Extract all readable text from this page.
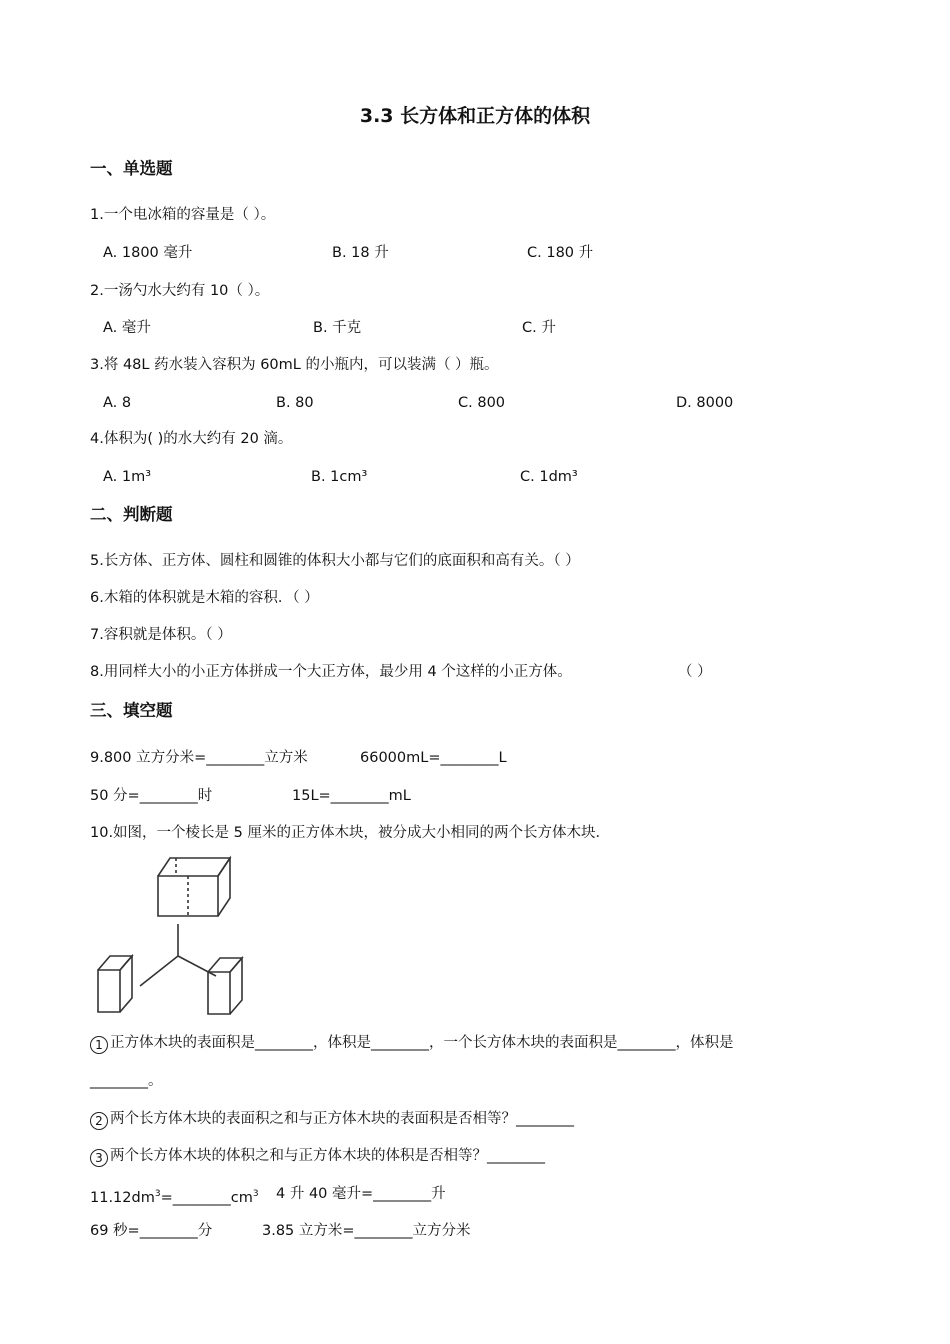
3.3 长方体和正方体的体积
一、单选题
1.一个电冰箱的容量是（ ）。
A. 1800 毫升	B. 18 升	C. 180 升
2.一汤勺水大约有 10（ ）。
A. 毫升	B. 千克	C. 升
3.将 48L 药水装入容积为 60mL 的小瓶内，可以装满（ ）瓶。
A. 8	B. 80	C. 800	D. 8000
4.体积为( )的水大约有 20 滴。
A. 1m³	B. 1cm³	C. 1dm³
二、判断题
5.长方体、正方体、圆柱和圆锥的体积大小都与它们的底面积和高有关。（ ）
6.木箱的体积就是木箱的容积．（ ）
7.容积就是体积。（ ）
8.用同样大小的小正方体拼成一个大正方体，最少用 4 个这样的小正方体。	（ ）
三、填空题
9.800 立方分米=________立方米	66000mL=________L
50 分=________时	15L=________mL
10.如图，一个棱长是 5 厘米的正方体木块，被分成大小相同的两个长方体木块．
1 正方体木块的表面积是________，体积是________，一个长方体木块的表面积是________，体积是
________。
2 两个长方体木块的表面积之和与正方体木块的表面积是否相等？________
3 两个长方体木块的体积之和与正方体木块的体积是否相等？________
$11.12dm^3=\_\_\_\_\_\_\_\_cm^3$ 4 升 40 毫升=________升
69 秒=________分	3.85 立方米=________立方分米
